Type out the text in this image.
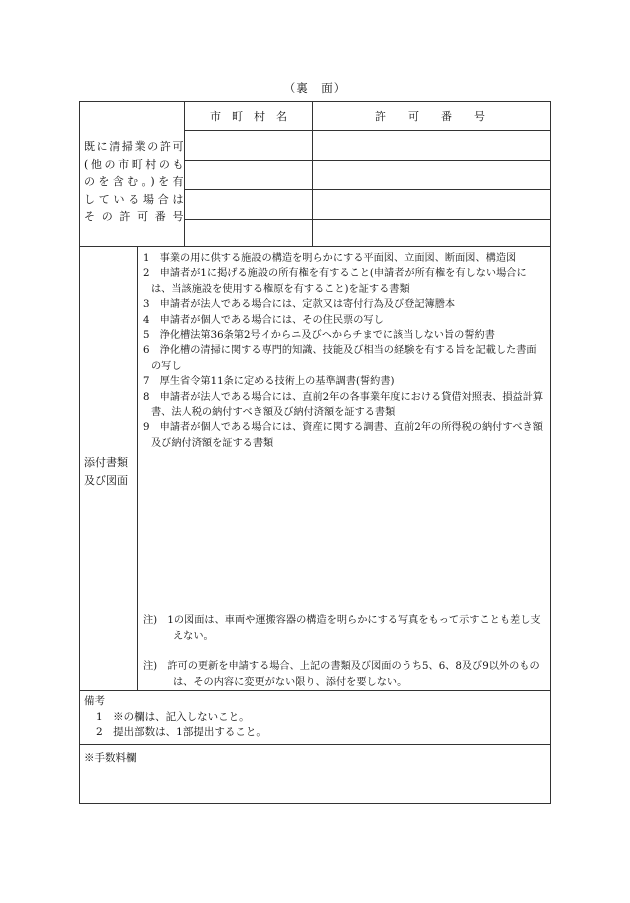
（裏　面）
市　町　村　名	許　　可　　番　　号
既に清掃業の許可
(他の市町村のも
のを含む。)を有
している場合は
その許可番号
添付書類
及び図面
1　事業の用に供する施設の構造を明らかにする平面図、立面図、断面図、構造図
2　申請者が1に掲げる施設の所有権を有すること(申請者が所有権を有しない場合には、当該施設を使用する権原を有すること)を証する書類
3　申請者が法人である場合には、定款又は寄付行為及び登記簿謄本
4　申請者が個人である場合には、その住民票の写し
5　浄化槽法第36条第2号イからニ及びヘからチまでに該当しない旨の誓約書
6　浄化槽の清掃に関する専門的知識、技能及び相当の経験を有する旨を記載した書面の写し
7　厚生省令第11条に定める技術上の基準調書(誓約書)
8　申請者が法人である場合には、直前2年の各事業年度における貸借対照表、損益計算書、法人税の納付すべき額及び納付済額を証する書類
9　申請者が個人である場合には、資産に関する調書、直前2年の所得税の納付すべき額及び納付済額を証する書類
注)　1の図面は、車両や運搬容器の構造を明らかにする写真をもって示すことも差し支えない。
注)　許可の更新を申請する場合、上記の書類及び図面のうち5、6、8及び9以外のものは、その内容に変更がない限り、添付を要しない。
備考
1　※の欄は、記入しないこと。
2　提出部数は、1部提出すること。
※手数料欄
